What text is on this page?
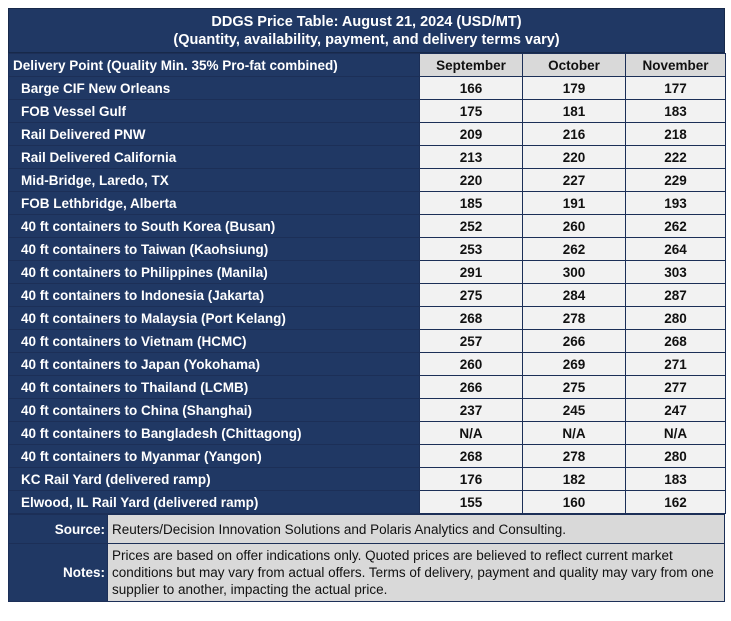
DDGS Price Table: August 21, 2024 (USD/MT)
(Quantity, availability, payment, and delivery terms vary)
Delivery Point (Quality Min. 35% Pro-fat combined)	September	October	November
Barge CIF New Orleans	166	179	177
FOB Vessel Gulf	175	181	183
Rail Delivered PNW	209	216	218
Rail Delivered California	213	220	222
Mid-Bridge, Laredo, TX	220	227	229
FOB Lethbridge, Alberta	185	191	193
40 ft containers to South Korea (Busan)	252	260	262
40 ft containers to Taiwan (Kaohsiung)	253	262	264
40 ft containers to Philippines (Manila)	291	300	303
40 ft containers to Indonesia (Jakarta)	275	284	287
40 ft containers to Malaysia (Port Kelang)	268	278	280
40 ft containers to Vietnam (HCMC)	257	266	268
40 ft containers to Japan (Yokohama)	260	269	271
40 ft containers to Thailand (LCMB)	266	275	277
40 ft containers to China (Shanghai)	237	245	247
40 ft containers to Bangladesh (Chittagong)	N/A	N/A	N/A
40 ft containers to Myanmar (Yangon)	268	278	280
KC Rail Yard (delivered ramp)	176	182	183
Elwood, IL Rail Yard (delivered ramp)	155	160	162
Source:	Reuters/Decision Innovation Solutions and Polaris Analytics and Consulting.
Notes:	Prices are based on offer indications only. Quoted prices are believed to reflect current market conditions but may vary from actual offers. Terms of delivery, payment and quality may vary from one supplier to another, impacting the actual price.
